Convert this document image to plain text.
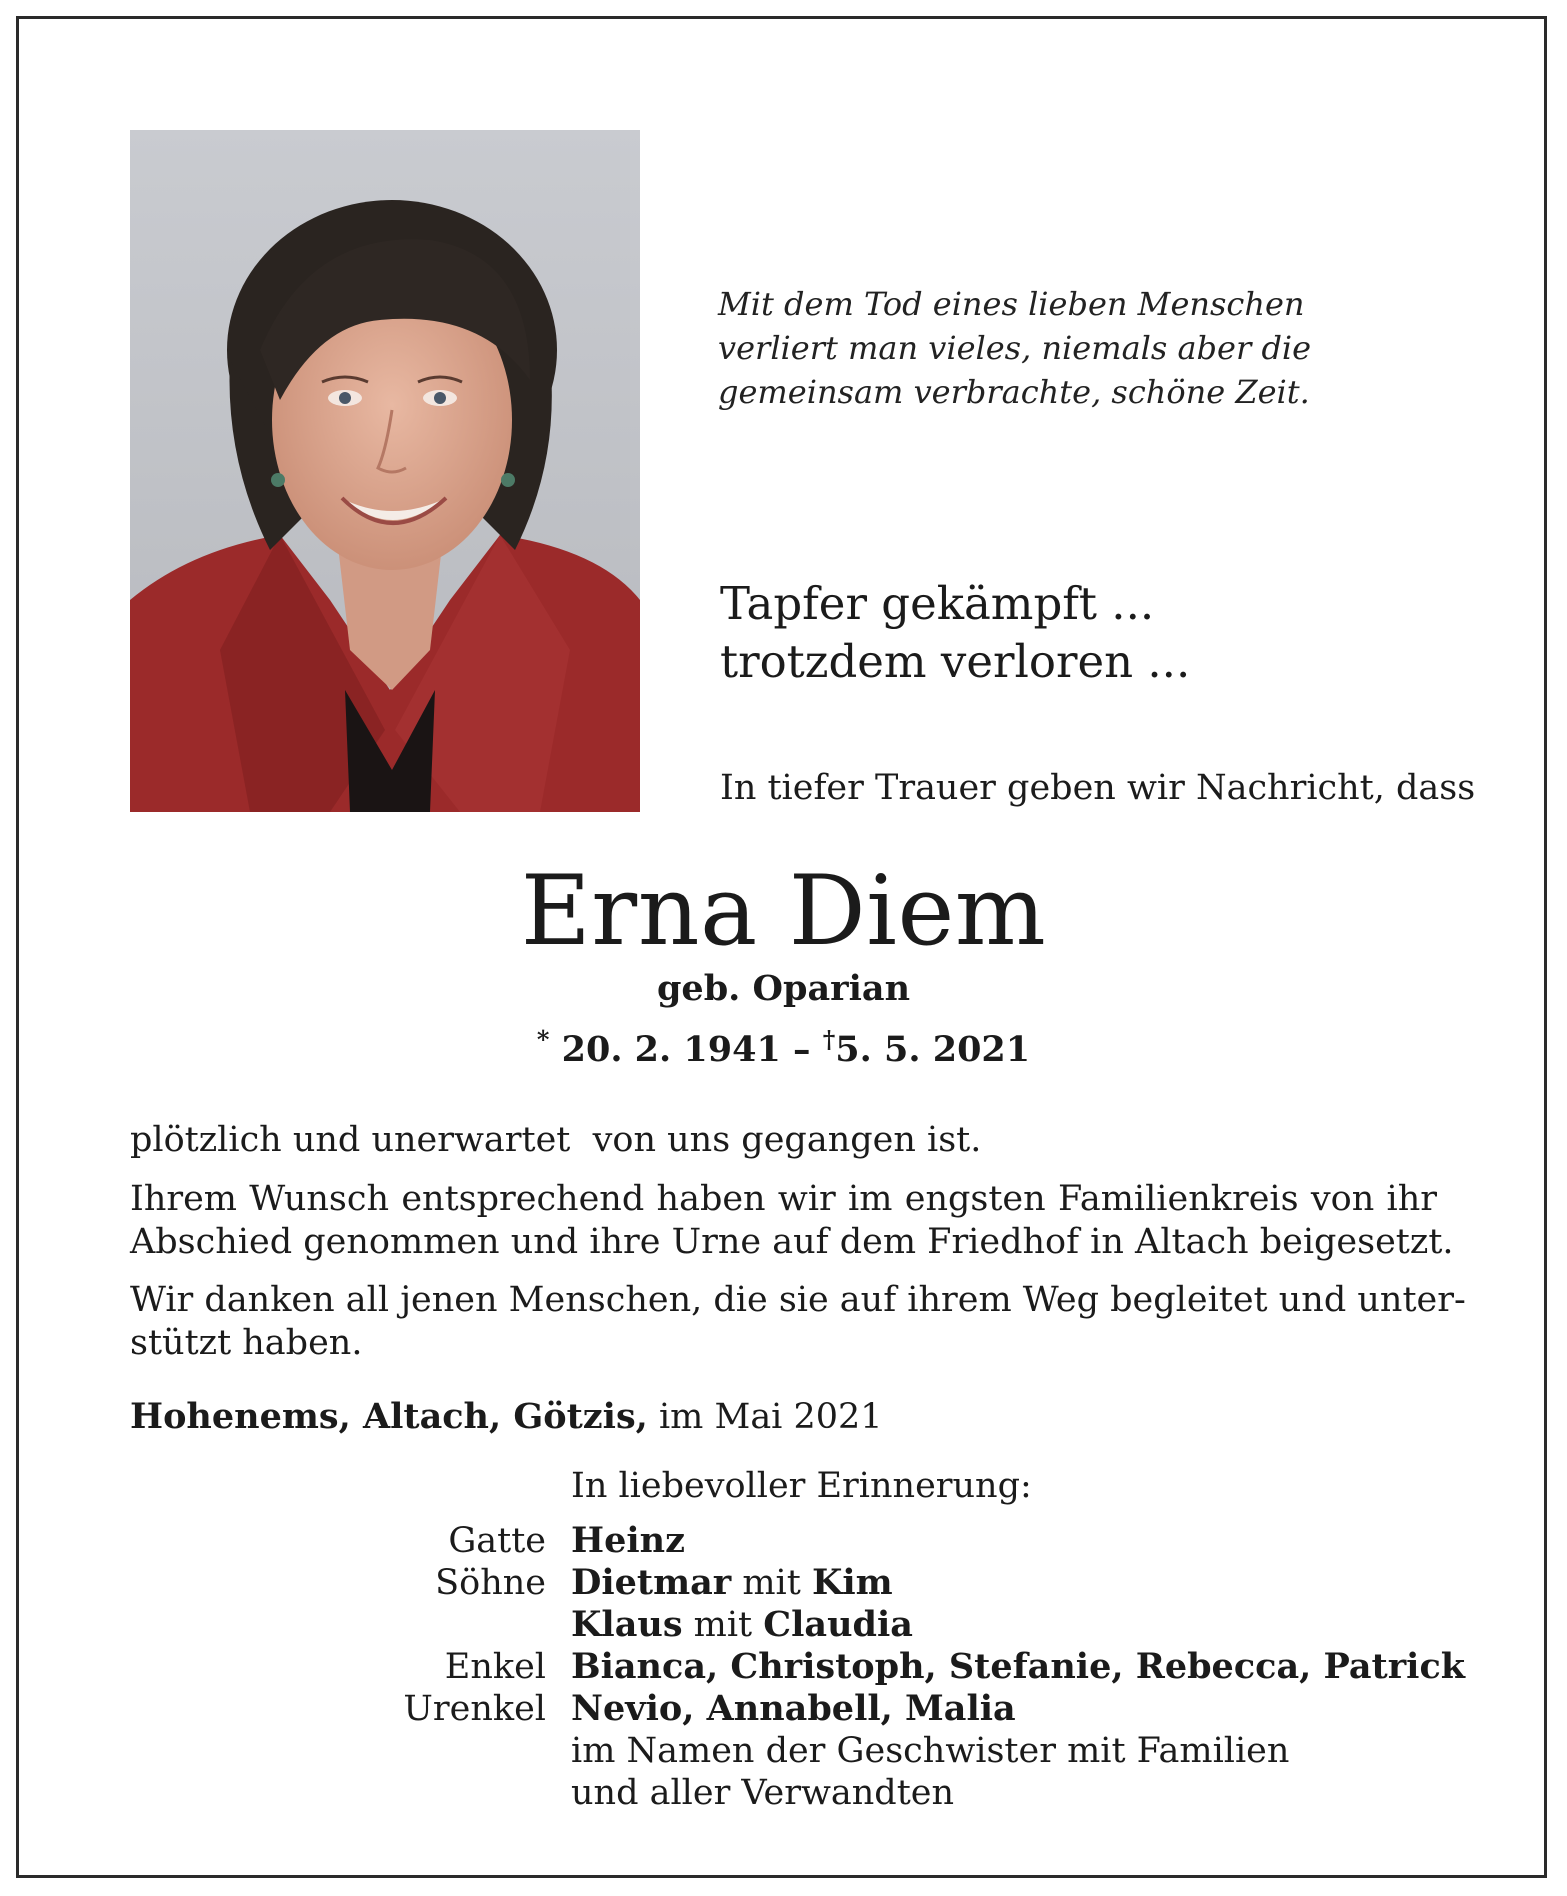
Mit dem Tod eines lieben Menschen
verliert man vieles, niemals aber die
gemeinsam verbrachte, schöne Zeit.
Tapfer gekämpft ...
trotzdem verloren ...
In tiefer Trauer geben wir Nachricht, dass
Erna Diem
geb. Oparian
* 20. 2. 1941 – †5. 5. 2021
plötzlich und unerwartet  von uns gegangen ist.
Ihrem Wunsch entsprechend haben wir im engsten Familienkreis von ihr
Abschied genommen und ihre Urne auf dem Friedhof in Altach beigesetzt.
Wir danken all jenen Menschen, die sie auf ihrem Weg begleitet und unter-
stützt haben.
Hohenems, Altach, Götzis, im Mai 2021
In liebevoller Erinnerung:
Gatte Heinz
Söhne Dietmar mit Kim
Klaus mit Claudia
Enkel Bianca, Christoph, Stefanie, Rebecca, Patrick
Urenkel Nevio, Annabell, Malia
im Namen der Geschwister mit Familien
und aller Verwandten
